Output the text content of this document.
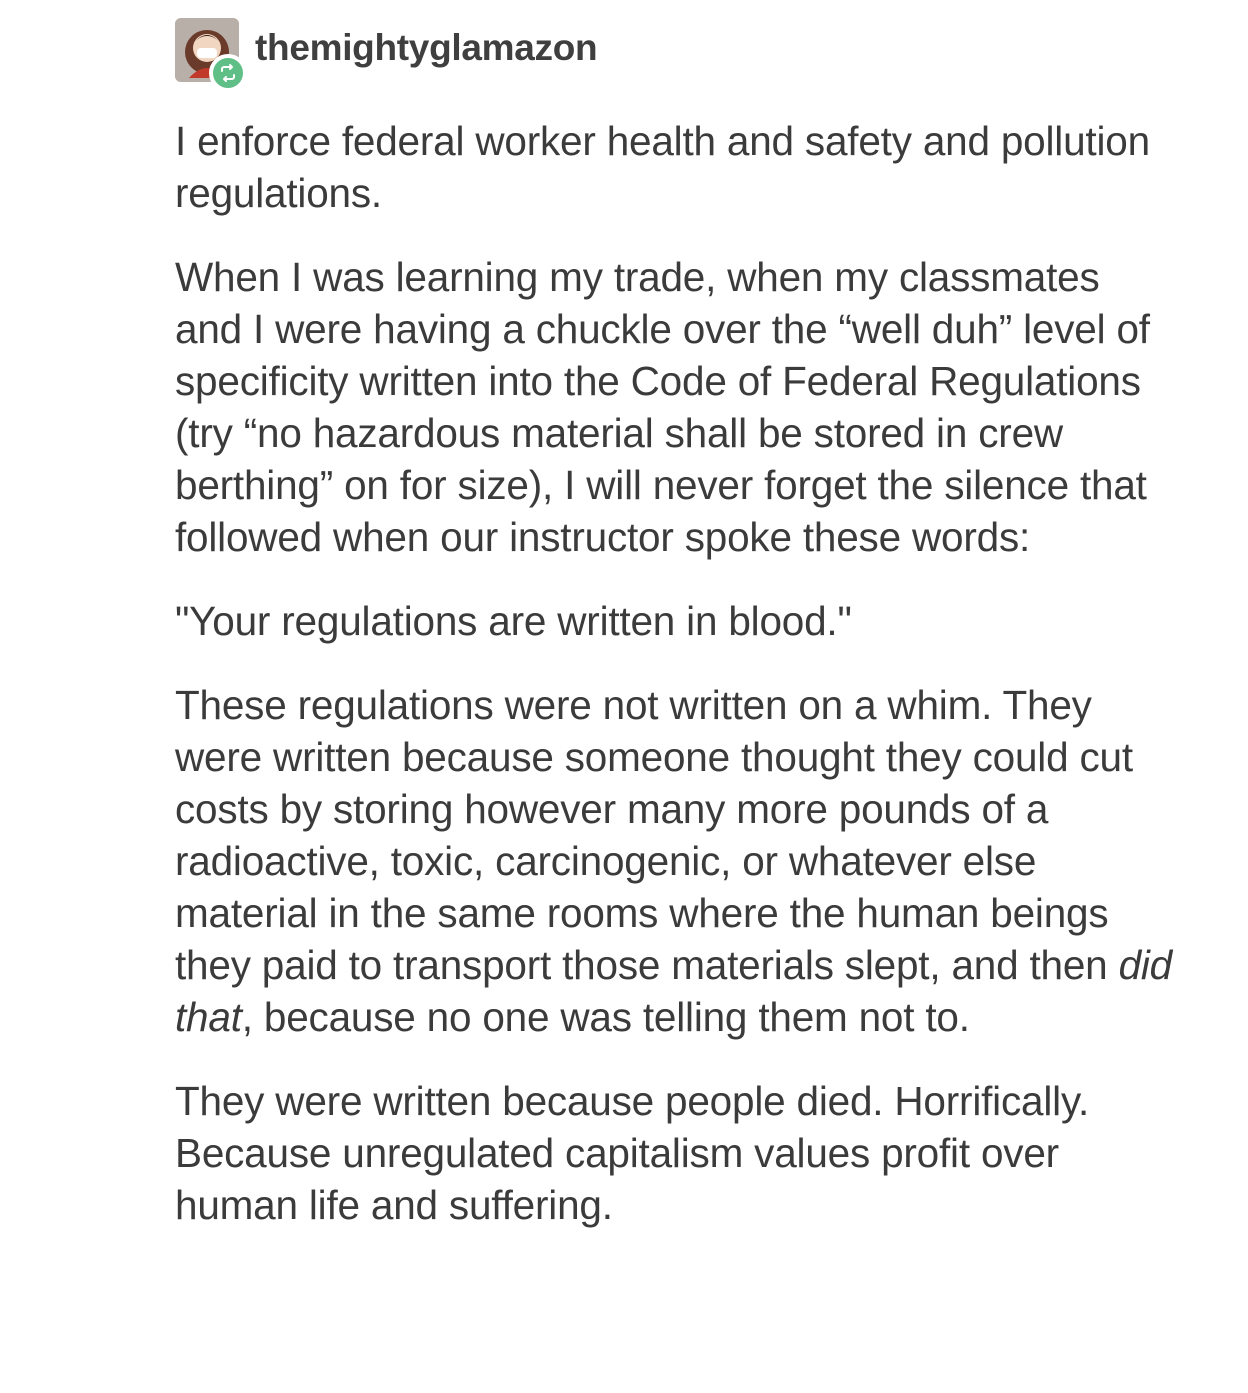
themightyglamazon

I enforce federal worker health and safety and pollution regulations.

When I was learning my trade, when my classmates and I were having a chuckle over the “well duh” level of specificity written into the Code of Federal Regulations (try “no hazardous material shall be stored in crew berthing” on for size), I will never forget the silence that followed when our instructor spoke these words:

"Your regulations are written in blood."

These regulations were not written on a whim. They were written because someone thought they could cut costs by storing however many more pounds of a radioactive, toxic, carcinogenic, or whatever else material in the same rooms where the human beings they paid to transport those materials slept, and then did that, because no one was telling them not to.

They were written because people died. Horrifically. Because unregulated capitalism values profit over human life and suffering.
